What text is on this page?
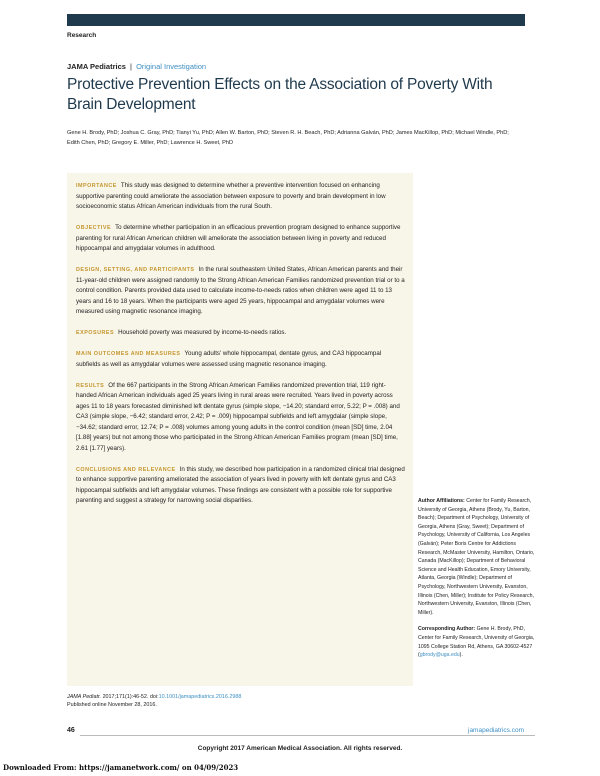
Research
JAMA Pediatrics | Original Investigation
Protective Prevention Effects on the Association of Poverty With Brain Development
Gene H. Brody, PhD; Joshua C. Gray, PhD; Tianyi Yu, PhD; Allen W. Barton, PhD; Steven R. H. Beach, PhD; Adrianna Galván, PhD; James MacKillop, PhD; Michael Windle, PhD; Edith Chen, PhD; Gregory E. Miller, PhD; Lawrence H. Sweet, PhD

IMPORTANCE This study was designed to determine whether a preventive intervention focused on enhancing supportive parenting could ameliorate the association between exposure to poverty and brain development in low socioeconomic status African American individuals from the rural South.

OBJECTIVE To determine whether participation in an efficacious prevention program designed to enhance supportive parenting for rural African American children will ameliorate the association between living in poverty and reduced hippocampal and amygdalar volumes in adulthood.

DESIGN, SETTING, AND PARTICIPANTS In the rural southeastern United States, African American parents and their 11-year-old children were assigned randomly to the Strong African American Families randomized prevention trial or to a control condition. Parents provided data used to calculate income-to-needs ratios when children were aged 11 to 13 years and 16 to 18 years. When the participants were aged 25 years, hippocampal and amygdalar volumes were measured using magnetic resonance imaging.

EXPOSURES Household poverty was measured by income-to-needs ratios.

MAIN OUTCOMES AND MEASURES Young adults' whole hippocampal, dentate gyrus, and CA3 hippocampal subfields as well as amygdalar volumes were assessed using magnetic resonance imaging.

RESULTS Of the 667 participants in the Strong African American Families randomized prevention trial, 119 right-handed African American individuals aged 25 years living in rural areas were recruited. Years lived in poverty across ages 11 to 18 years forecasted diminished left dentate gyrus (simple slope, −14.20; standard error, 5.22; P = .008) and CA3 (simple slope, −6.42; standard error, 2.42; P = .009) hippocampal subfields and left amygdalar (simple slope, −34.62; standard error, 12.74; P = .008) volumes among young adults in the control condition (mean [SD] time, 2.04 [1.88] years) but not among those who participated in the Strong African American Families program (mean [SD] time, 2.61 [1.77] years).

CONCLUSIONS AND RELEVANCE In this study, we described how participation in a randomized clinical trial designed to enhance supportive parenting ameliorated the association of years lived in poverty with left dentate gyrus and CA3 hippocampal subfields and left amygdalar volumes. These findings are consistent with a possible role for supportive parenting and suggest a strategy for narrowing social disparities.	Author Affiliations: Center for Family Research, University of Georgia, Athens (Brody, Yu, Barton, Beach); Department of Psychology, University of Georgia, Athens (Gray, Sweet); Department of Psychology, University of California, Los Angeles (Galván); Peter Boris Centre for Addictions Research, McMaster University, Hamilton, Ontario, Canada (MacKillop); Department of Behavioral Science and Health Education, Emory University, Atlanta, Georgia (Windle); Department of Psychology, Northwestern University, Evanston, Illinois (Chen, Miller); Institute for Policy Research, Northwestern University, Evanston, Illinois (Chen, Miller).
Corresponding Author: Gene H. Brody, PhD, Center for Family Research, University of Georgia, 1095 College Station Rd, Athens, GA 30602-4527 (gbrody@uga.edu).
JAMA Pediatr. 2017;171(1):46-52. doi:10.1001/jamapediatrics.2016.2988
Published online November 28, 2016.
46	jamapediatrics.com
Copyright 2017 American Medical Association. All rights reserved.
Downloaded From: https://jamanetwork.com/ on 04/09/2023
